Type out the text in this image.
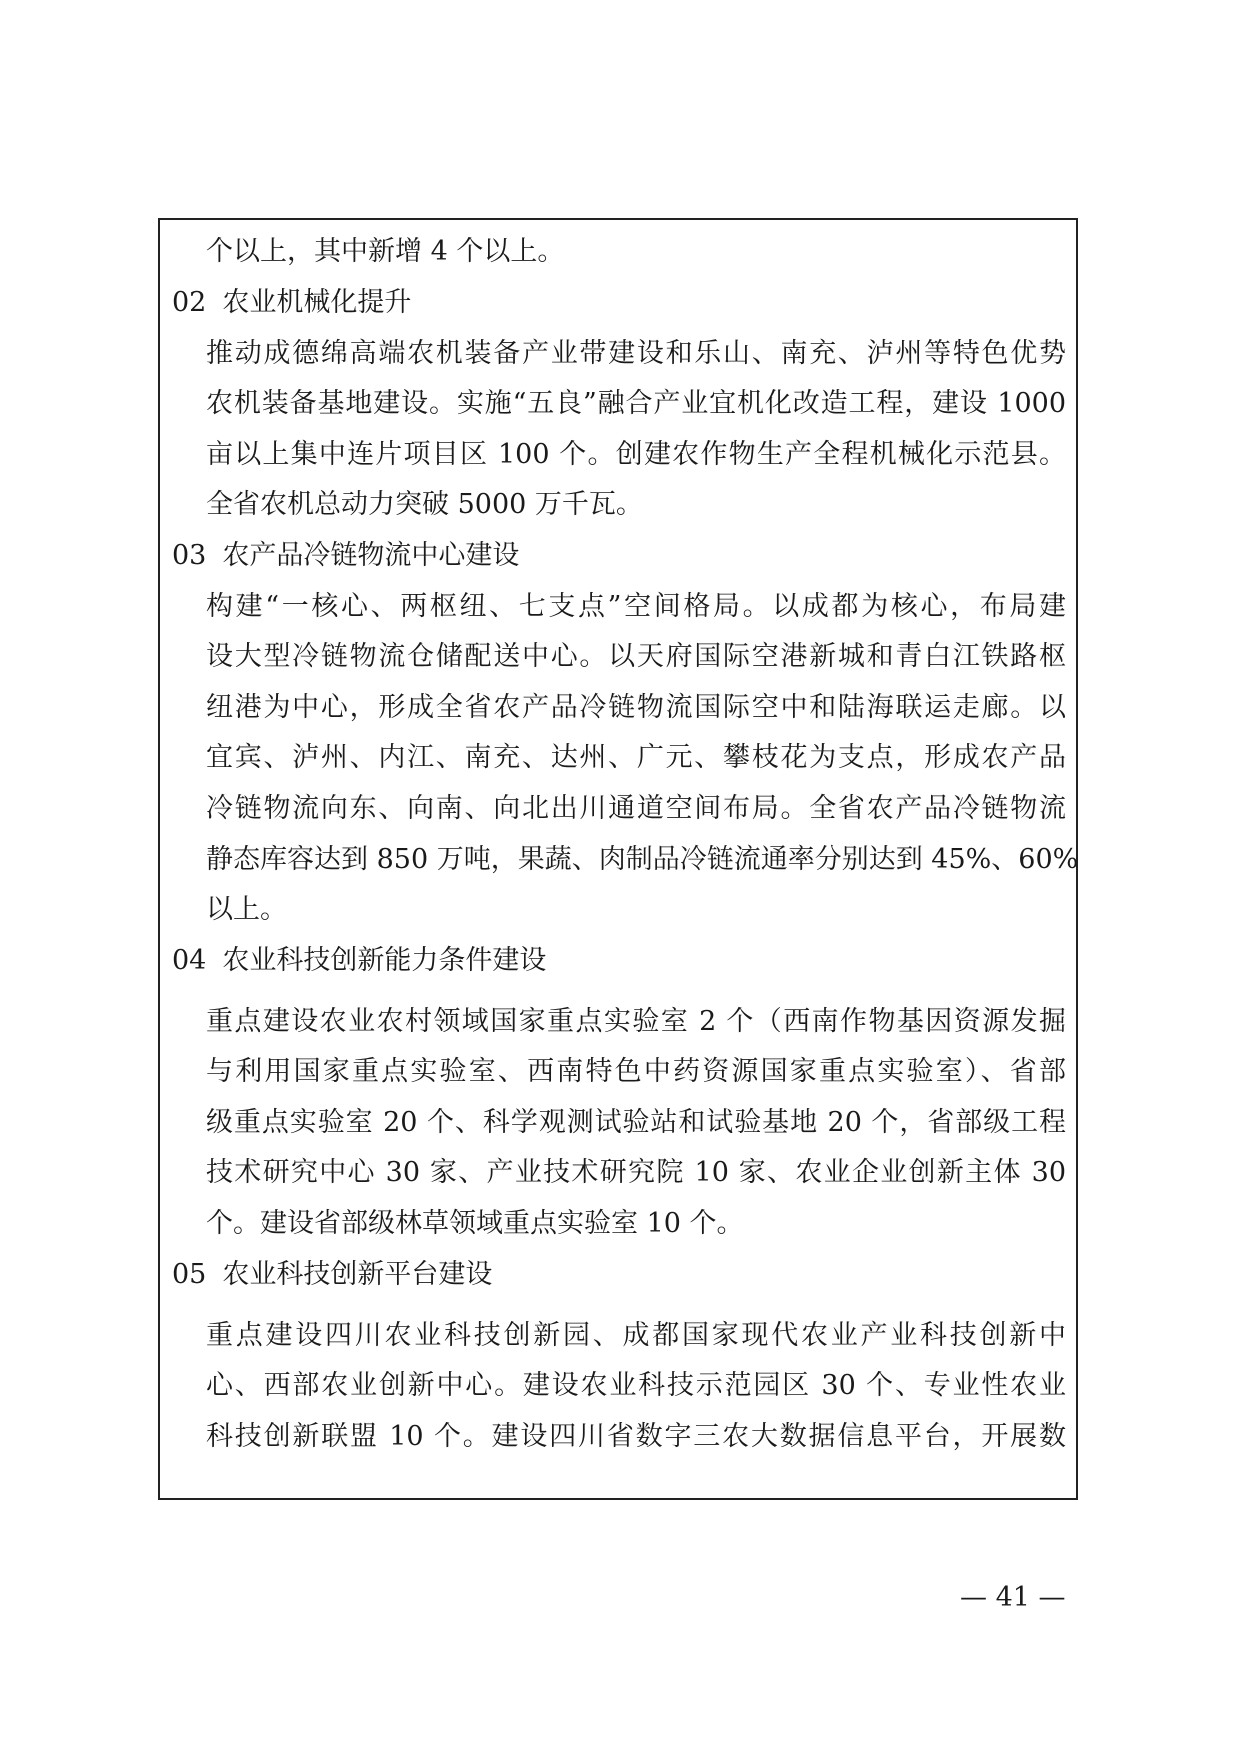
个以上，其中新增 4 个以上。
02 农业机械化提升
推动成德绵高端农机装备产业带建设和乐山、南充、泸州等特色优势
农机装备基地建设。实施“五良”融合产业宜机化改造工程，建设 1000
亩以上集中连片项目区 100 个。创建农作物生产全程机械化示范县。
全省农机总动力突破 5000 万千瓦。
03 农产品冷链物流中心建设
构建“一核心、两枢纽、七支点”空间格局。以成都为核心，布局建
设大型冷链物流仓储配送中心。以天府国际空港新城和青白江铁路枢
纽港为中心，形成全省农产品冷链物流国际空中和陆海联运走廊。以
宜宾、泸州、内江、南充、达州、广元、攀枝花为支点，形成农产品
冷链物流向东、向南、向北出川通道空间布局。全省农产品冷链物流
静态库容达到 850 万吨，果蔬、肉制品冷链流通率分别达到 45%、60%
以上。
04 农业科技创新能力条件建设
重点建设农业农村领域国家重点实验室 2 个（西南作物基因资源发掘
与利用国家重点实验室、西南特色中药资源国家重点实验室）、省部
级重点实验室 20 个、科学观测试验站和试验基地 20 个，省部级工程
技术研究中心 30 家、产业技术研究院 10 家、农业企业创新主体 30
个。建设省部级林草领域重点实验室 10 个。
05 农业科技创新平台建设
重点建设四川农业科技创新园、成都国家现代农业产业科技创新中
心、西部农业创新中心。建设农业科技示范园区 30 个、专业性农业
科技创新联盟 10 个。建设四川省数字三农大数据信息平台，开展数
— 41 —
